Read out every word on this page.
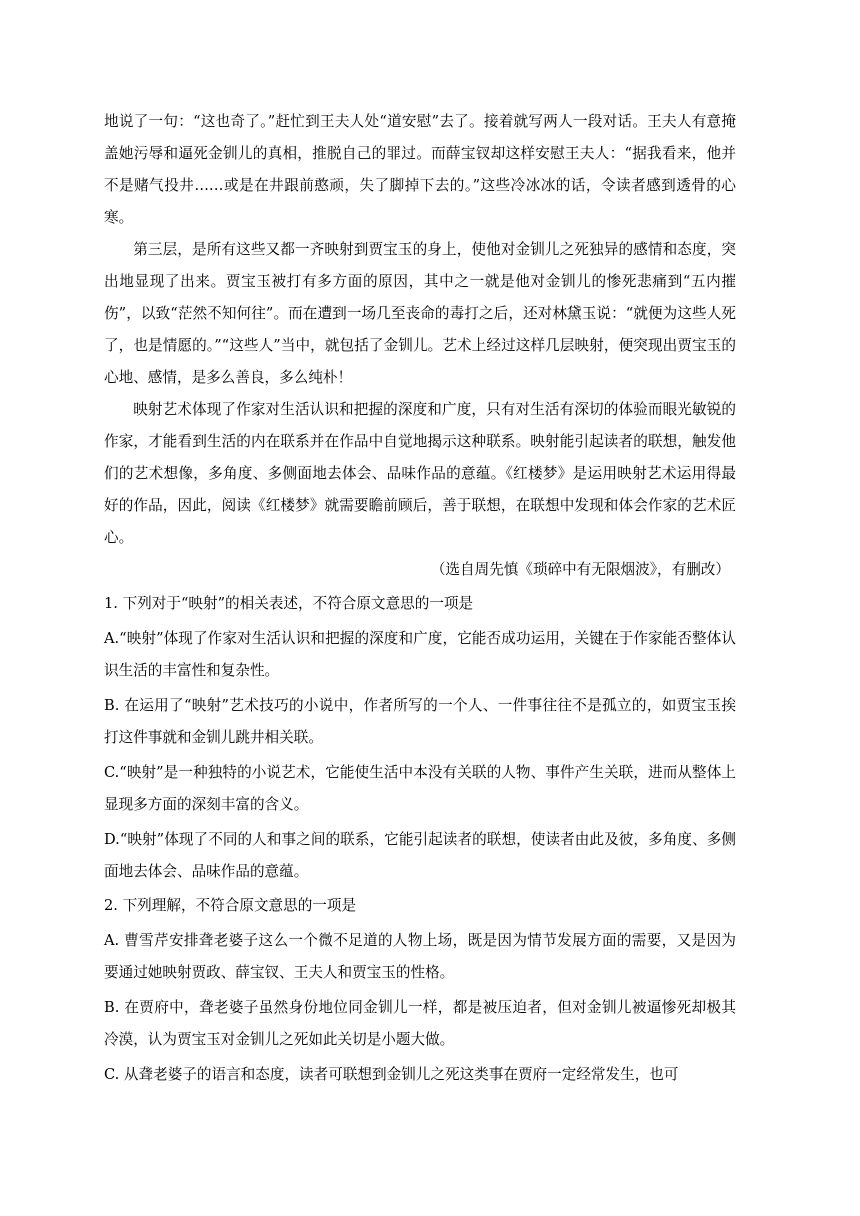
地说了一句：“这也奇了。”赶忙到王夫人处“道安慰”去了。接着就写两人一段对话。王夫人有意掩盖她污辱和逼死金钏儿的真相，推脱自己的罪过。而薛宝钗却这样安慰王夫人：“据我看来，他并不是赌气投井……或是在井跟前憨顽，失了脚掉下去的。”这些冷冰冰的话，令读者感到透骨的心寒。

第三层，是所有这些又都一齐映射到贾宝玉的身上，使他对金钏儿之死独异的感情和态度，突出地显现了出来。贾宝玉被打有多方面的原因，其中之一就是他对金钏儿的惨死悲痛到“五内摧伤”，以致“茫然不知何往”。而在遭到一场几至丧命的毒打之后，还对林黛玉说：“就便为这些人死了，也是情愿的。”“这些人”当中，就包括了金钏儿。艺术上经过这样几层映射，便突现出贾宝玉的心地、感情，是多么善良，多么纯朴！

映射艺术体现了作家对生活认识和把握的深度和广度，只有对生活有深切的体验而眼光敏锐的作家，才能看到生活的内在联系并在作品中自觉地揭示这种联系。映射能引起读者的联想，触发他们的艺术想像，多角度、多侧面地去体会、品味作品的意蕴。《红楼梦》是运用映射艺术运用得最好的作品，因此，阅读《红楼梦》就需要瞻前顾后，善于联想，在联想中发现和体会作家的艺术匠心。

（选自周先慎《琐碎中有无限烟波》，有删改）

1. 下列对于“映射”的相关表述，不符合原文意思的一项是

A.“映射”体现了作家对生活认识和把握的深度和广度，它能否成功运用，关键在于作家能否整体认识生活的丰富性和复杂性。

B. 在运用了“映射”艺术技巧的小说中，作者所写的一个人、一件事往往不是孤立的，如贾宝玉挨打这件事就和金钏儿跳井相关联。

C.“映射”是一种独特的小说艺术，它能使生活中本没有关联的人物、事件产生关联，进而从整体上显现多方面的深刻丰富的含义。

D.“映射”体现了不同的人和事之间的联系，它能引起读者的联想，使读者由此及彼，多角度、多侧面地去体会、品味作品的意蕴。

2. 下列理解，不符合原文意思的一项是

A. 曹雪芹安排聋老婆子这么一个微不足道的人物上场，既是因为情节发展方面的需要，又是因为要通过她映射贾政、薛宝钗、王夫人和贾宝玉的性格。

B. 在贾府中，聋老婆子虽然身份地位同金钏儿一样，都是被压迫者，但对金钏儿被逼惨死却极其冷漠，认为贾宝玉对金钏儿之死如此关切是小题大做。

C. 从聋老婆子的语言和态度，读者可联想到金钏儿之死这类事在贾府一定经常发生，也可
